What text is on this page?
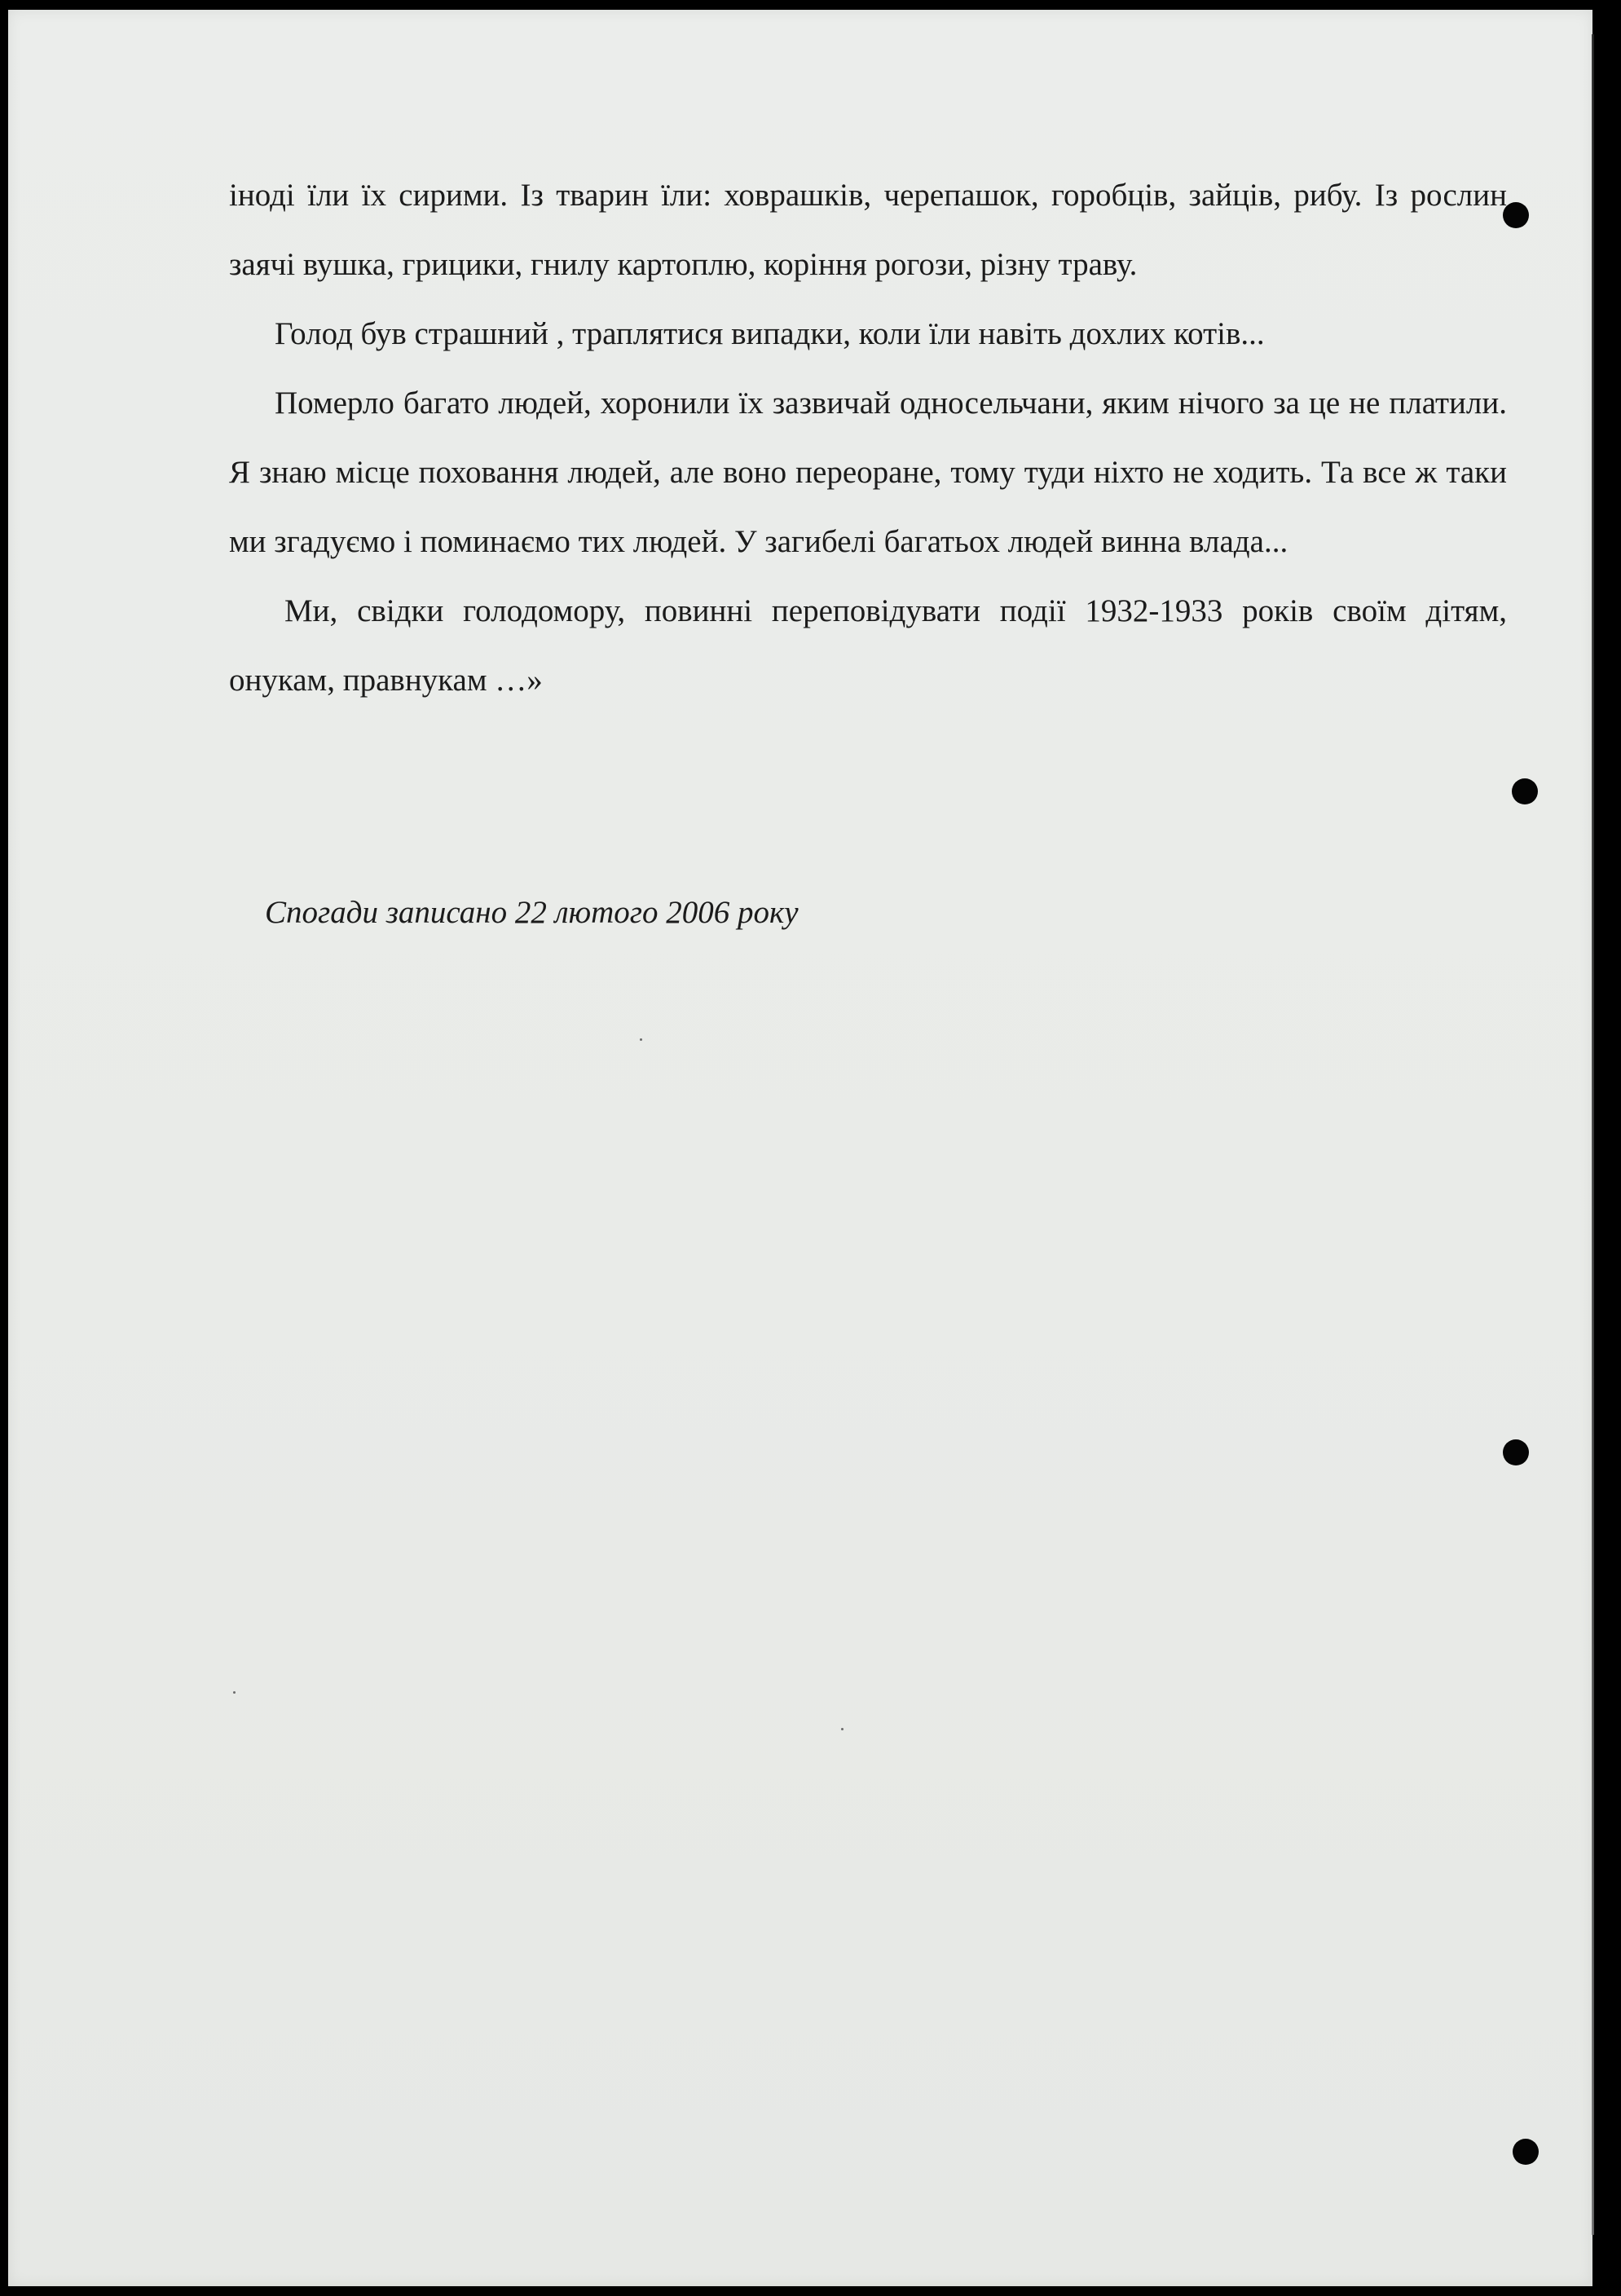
іноді їли їх сирими. Із тварин їли: ховрашків, черепашок, горобців, зайців, рибу. Із рослин заячі вушка, грицики, гнилу картоплю, коріння рогози, різну траву.

Голод був страшний , траплятися випадки, коли їли навіть дохлих котів...

Померло багато людей, хоронили їх зазвичай односельчани, яким нічого за це не платили. Я знаю місце поховання людей, але воно переоране, тому туди ніхто не ходить. Та все ж таки ми згадуємо і поминаємо тих людей. У загибелі багатьох людей винна влада...

Ми, свідки голодомору, повинні переповідувати події 1932-1933 років своїм дітям, онукам, правнукам …»

Спогади записано 22 лютого 2006 року
